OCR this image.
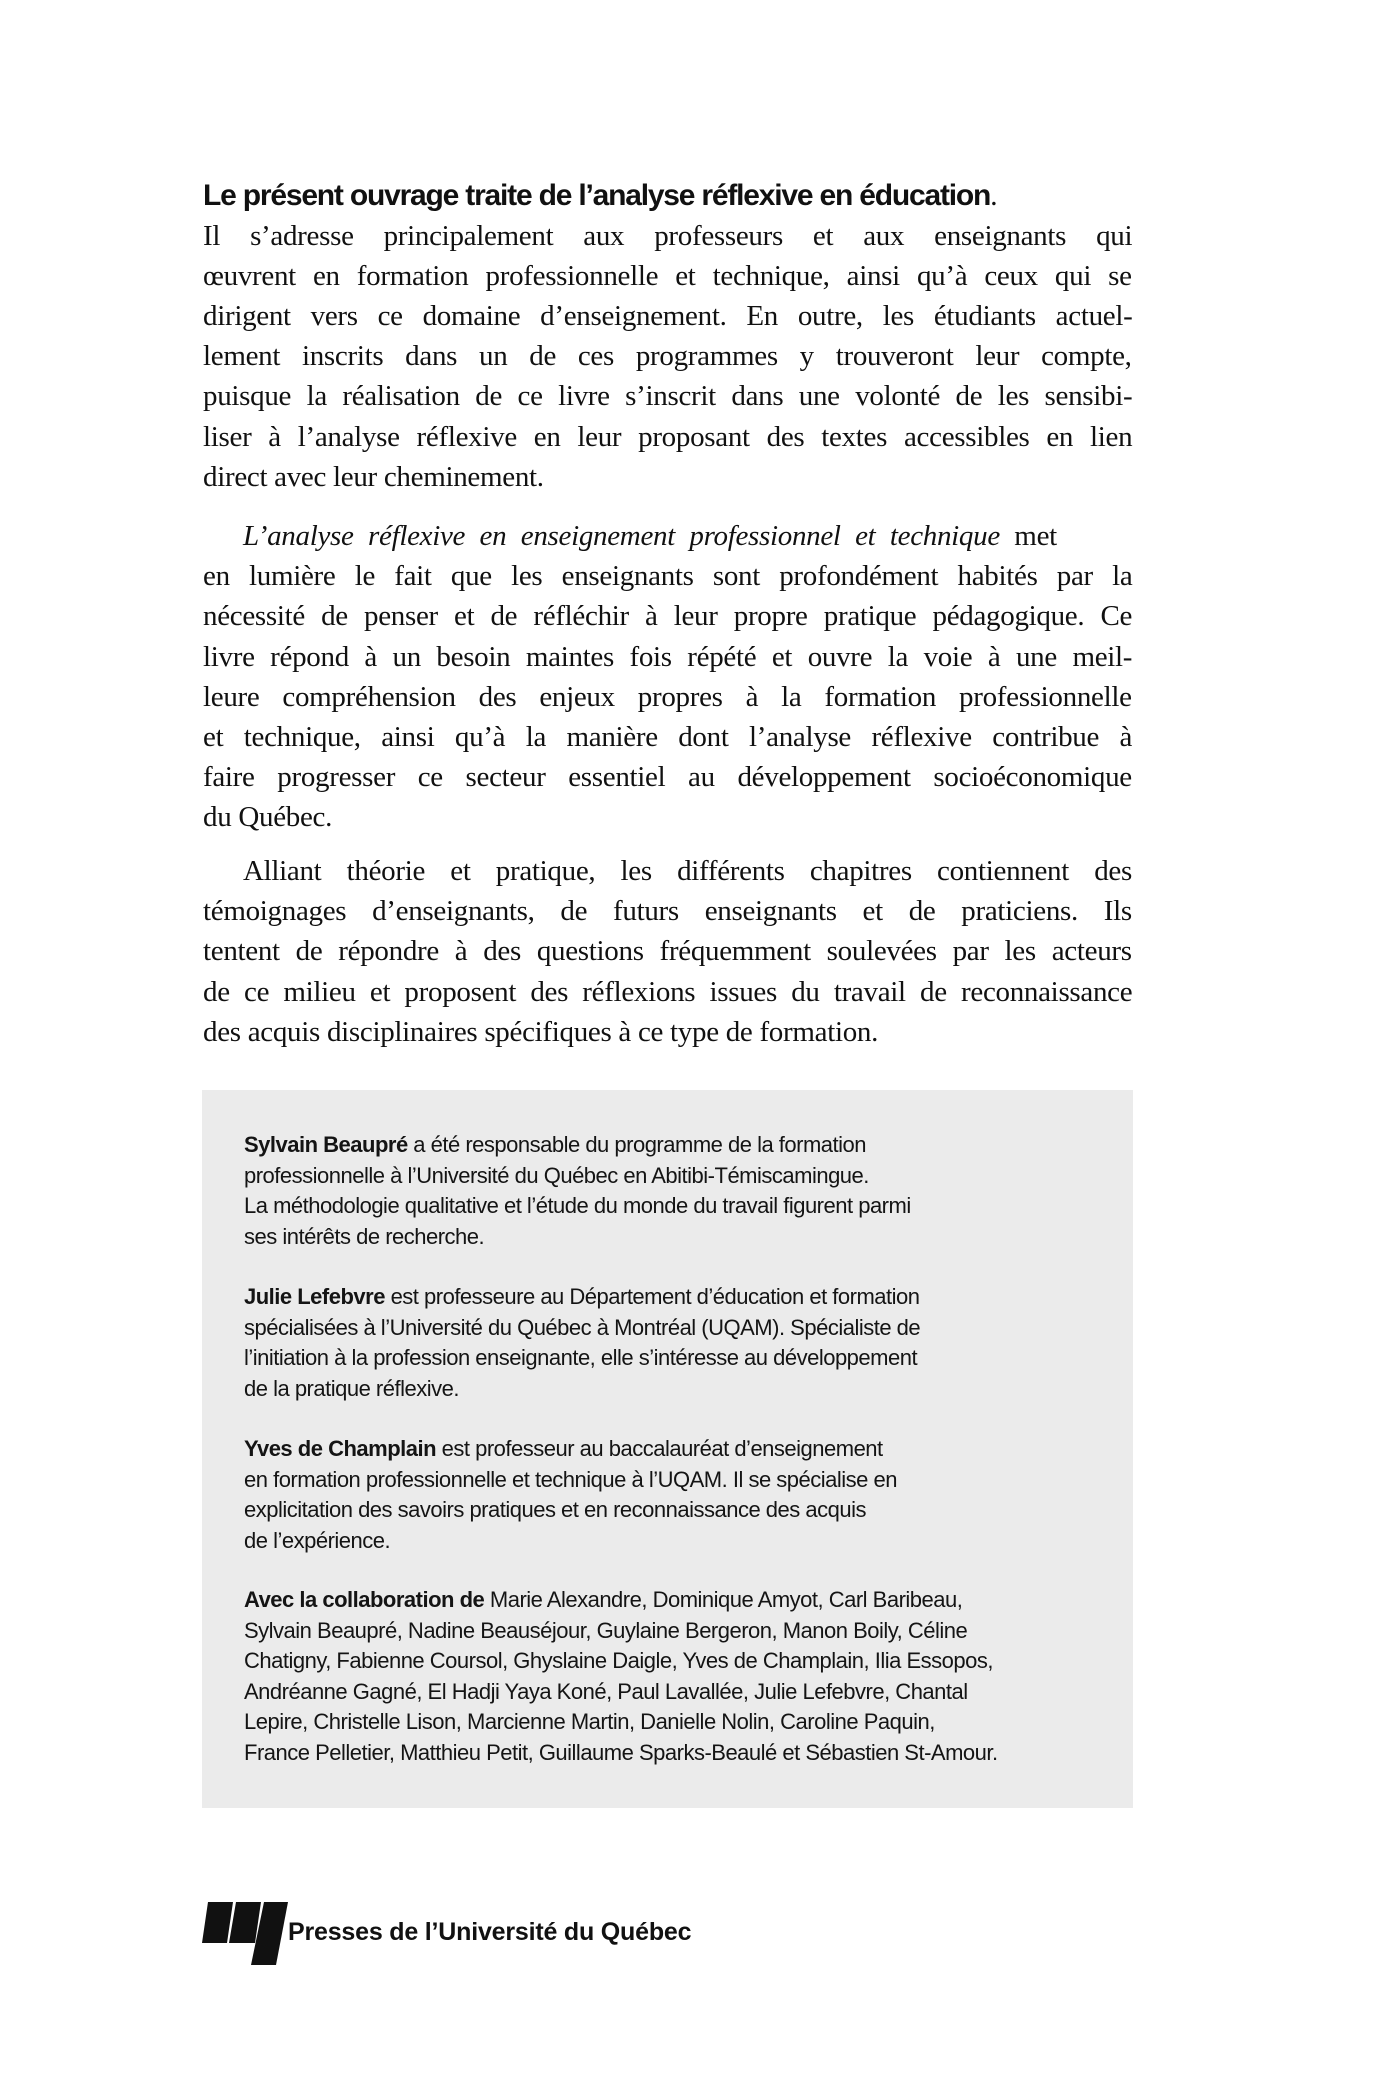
Le présent ouvrage traite de l’analyse réflexive en éducation.
Il s’adresse principalement aux professeurs et aux enseignants qui
œuvrent en formation professionnelle et technique, ainsi qu’à ceux qui se
dirigent vers ce domaine d’enseignement. En outre, les étudiants actuel-
lement inscrits dans un de ces programmes y trouveront leur compte,
puisque la réalisation de ce livre s’inscrit dans une volonté de les sensibi-
liser à l’analyse réflexive en leur proposant des textes accessibles en lien
direct avec leur cheminement.
L’analyse réflexive en enseignement professionnel et technique met
en lumière le fait que les enseignants sont profondément habités par la
nécessité de penser et de réfléchir à leur propre pratique pédagogique. Ce
livre répond à un besoin maintes fois répété et ouvre la voie à une meil-
leure compréhension des enjeux propres à la formation professionnelle
et technique, ainsi qu’à la manière dont l’analyse réflexive contribue à
faire progresser ce secteur essentiel au développement socioéconomique
du Québec.
Alliant théorie et pratique, les différents chapitres contiennent des
témoignages d’enseignants, de futurs enseignants et de praticiens. Ils
tentent de répondre à des questions fréquemment soulevées par les acteurs
de ce milieu et proposent des réflexions issues du travail de reconnaissance
des acquis disciplinaires spécifiques à ce type de formation.
Sylvain Beaupré a été responsable du programme de la formation
professionnelle à l’Université du Québec en Abitibi-Témiscamingue.
La méthodologie qualitative et l’étude du monde du travail figurent parmi
ses intérêts de recherche.
Julie Lefebvre est professeure au Département d’éducation et formation
spécialisées à l’Université du Québec à Montréal (UQAM). Spécialiste de
l’initiation à la profession enseignante, elle s’intéresse au développement
de la pratique réflexive.
Yves de Champlain est professeur au baccalauréat d’enseignement
en formation professionnelle et technique à l’UQAM. Il se spécialise en
explicitation des savoirs pratiques et en reconnaissance des acquis
de l’expérience.
Avec la collaboration de Marie Alexandre, Dominique Amyot, Carl Baribeau,
Sylvain Beaupré, Nadine Beauséjour, Guylaine Bergeron, Manon Boily, Céline
Chatigny, Fabienne Coursol, Ghyslaine Daigle, Yves de Champlain, Ilia Essopos,
Andréanne Gagné, El Hadji Yaya Koné, Paul Lavallée, Julie Lefebvre, Chantal
Lepire, Christelle Lison, Marcienne Martin, Danielle Nolin, Caroline Paquin,
France Pelletier, Matthieu Petit, Guillaume Sparks-Beaulé et Sébastien St-Amour.
Presses de l’Université du Québec
